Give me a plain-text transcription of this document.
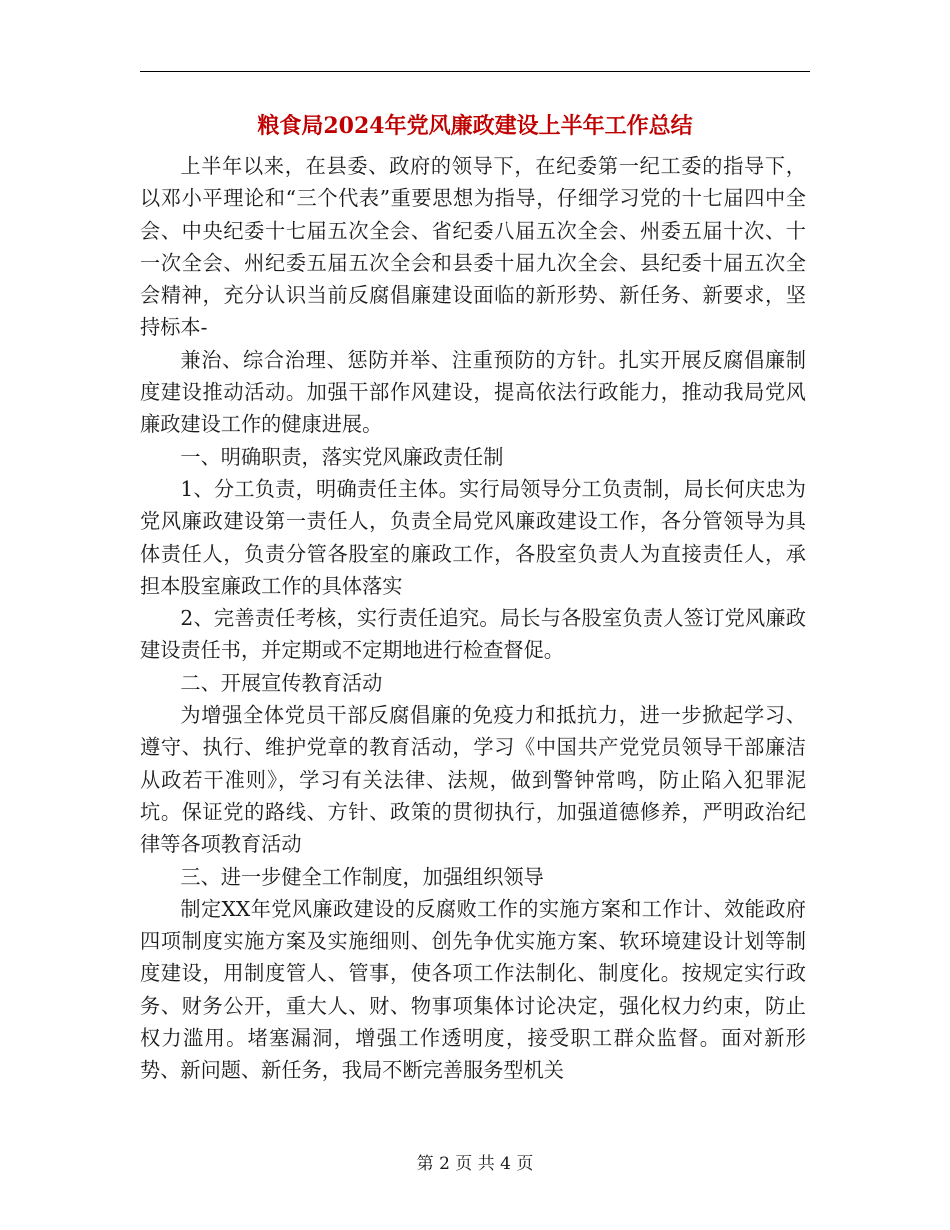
粮食局2024年党风廉政建设上半年工作总结

上半年以来，在县委、政府的领导下，在纪委第一纪工委的指导下，以邓小平理论和“三个代表”重要思想为指导，仔细学习党的十七届四中全会、中央纪委十七届五次全会、省纪委八届五次全会、州委五届十次、十一次全会、州纪委五届五次全会和县委十届九次全会、县纪委十届五次全会精神，充分认识当前反腐倡廉建设面临的新形势、新任务、新要求，坚持标本-

兼治、综合治理、惩防并举、注重预防的方针。扎实开展反腐倡廉制度建设推动活动。加强干部作风建设，提高依法行政能力，推动我局党风廉政建设工作的健康进展。

一、明确职责，落实党风廉政责任制

1、分工负责，明确责任主体。实行局领导分工负责制，局长何庆忠为党风廉政建设第一责任人，负责全局党风廉政建设工作，各分管领导为具体责任人，负责分管各股室的廉政工作，各股室负责人为直接责任人，承担本股室廉政工作的具体落实

2、完善责任考核，实行责任追究。局长与各股室负责人签订党风廉政建设责任书，并定期或不定期地进行检查督促。

二、开展宣传教育活动

为增强全体党员干部反腐倡廉的免疫力和抵抗力，进一步掀起学习、遵守、执行、维护党章的教育活动，学习《中国共产党党员领导干部廉洁从政若干准则》，学习有关法律、法规，做到警钟常鸣，防止陷入犯罪泥坑。保证党的路线、方针、政策的贯彻执行，加强道德修养，严明政治纪律等各项教育活动

三、进一步健全工作制度，加强组织领导

制定XX年党风廉政建设的反腐败工作的实施方案和工作计、效能政府四项制度实施方案及实施细则、创先争优实施方案、软环境建设计划等制度建设，用制度管人、管事，使各项工作法制化、制度化。按规定实行政务、财务公开，重大人、财、物事项集体讨论决定，强化权力约束，防止权力滥用。堵塞漏洞，增强工作透明度，接受职工群众监督。面对新形势、新问题、新任务，我局不断完善服务型机关

第 2 页 共 4 页
